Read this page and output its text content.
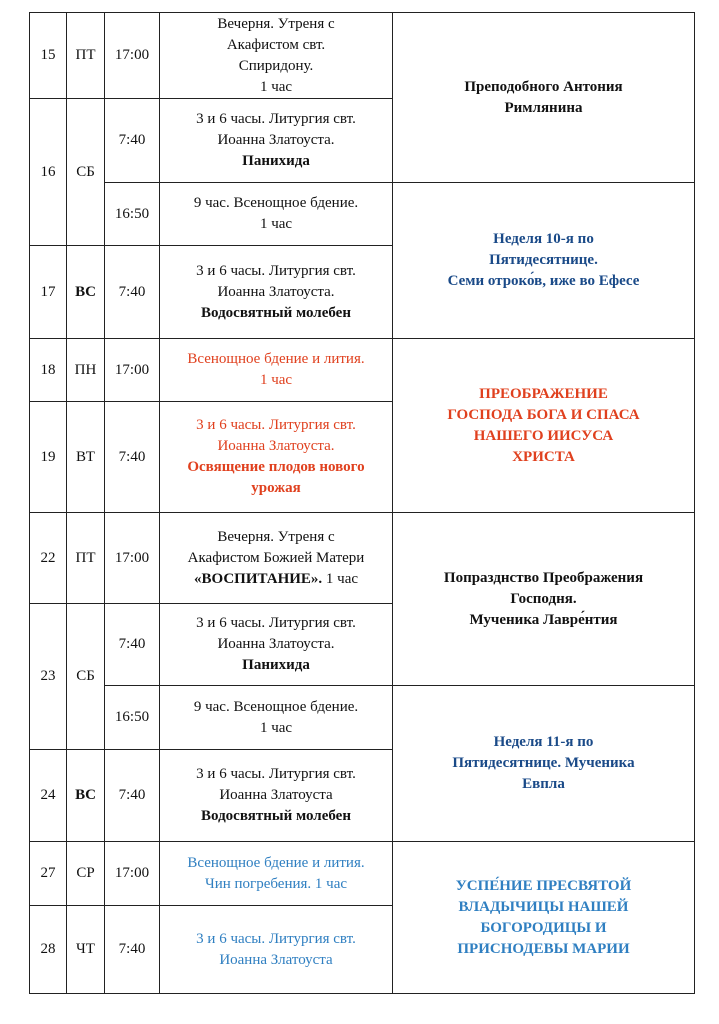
15	ПТ	17:00	Вечерня. Утреня с
Акафистом свт.
Спиридону.
1 час	Преподобного Антония
Римлянина

16	СБ	7:40	3 и 6 часы. Литургия свт.
Иоанна Златоуста.
Панихида	

		16:50	9 час. Всенощное бдение.
1 час	Неделя 10-я по
Пятидесятнице.
Семи отроко́в, иже во Ефесе

17	ВС	7:40	3 и 6 часы. Литургия свт.
Иоанна Златоуста.
Водосвятный молебен	

18	ПН	17:00	Всенощное бдение и лития.
1 час	ПРЕОБРАЖЕНИЕ
ГОСПОДА БОГА И СПАСА
НАШЕГО ИИСУСА
ХРИСТА

19	ВТ	7:40	3 и 6 часы. Литургия свт.
Иоанна Златоуста.
Освящение плодов нового
урожая	

22	ПТ	17:00	Вечерня. Утреня с
Акафистом Божией Матери
«ВОСПИТАНИЕ». 1 час	Попразднство Преображения
Господня.
Мученика Лавре́нтия

23	СБ	7:40	3 и 6 часы. Литургия свт.
Иоанна Златоуста.
Панихида	

		16:50	9 час. Всенощное бдение.
1 час	Неделя 11-я по
Пятидесятнице. Мученика
Евпла

24	ВС	7:40	3 и 6 часы. Литургия свт.
Иоанна Златоуста
Водосвятный молебен	

27	СР	17:00	Всенощное бдение и лития.
Чин погребения. 1 час	УСПЕ́НИЕ ПРЕСВЯТОЙ
ВЛАДЫЧИЦЫ НАШЕЙ
БОГОРОДИЦЫ И
ПРИСНОДЕВЫ МАРИИ

28	ЧТ	7:40	3 и 6 часы. Литургия свт.
Иоанна Златоуста	
